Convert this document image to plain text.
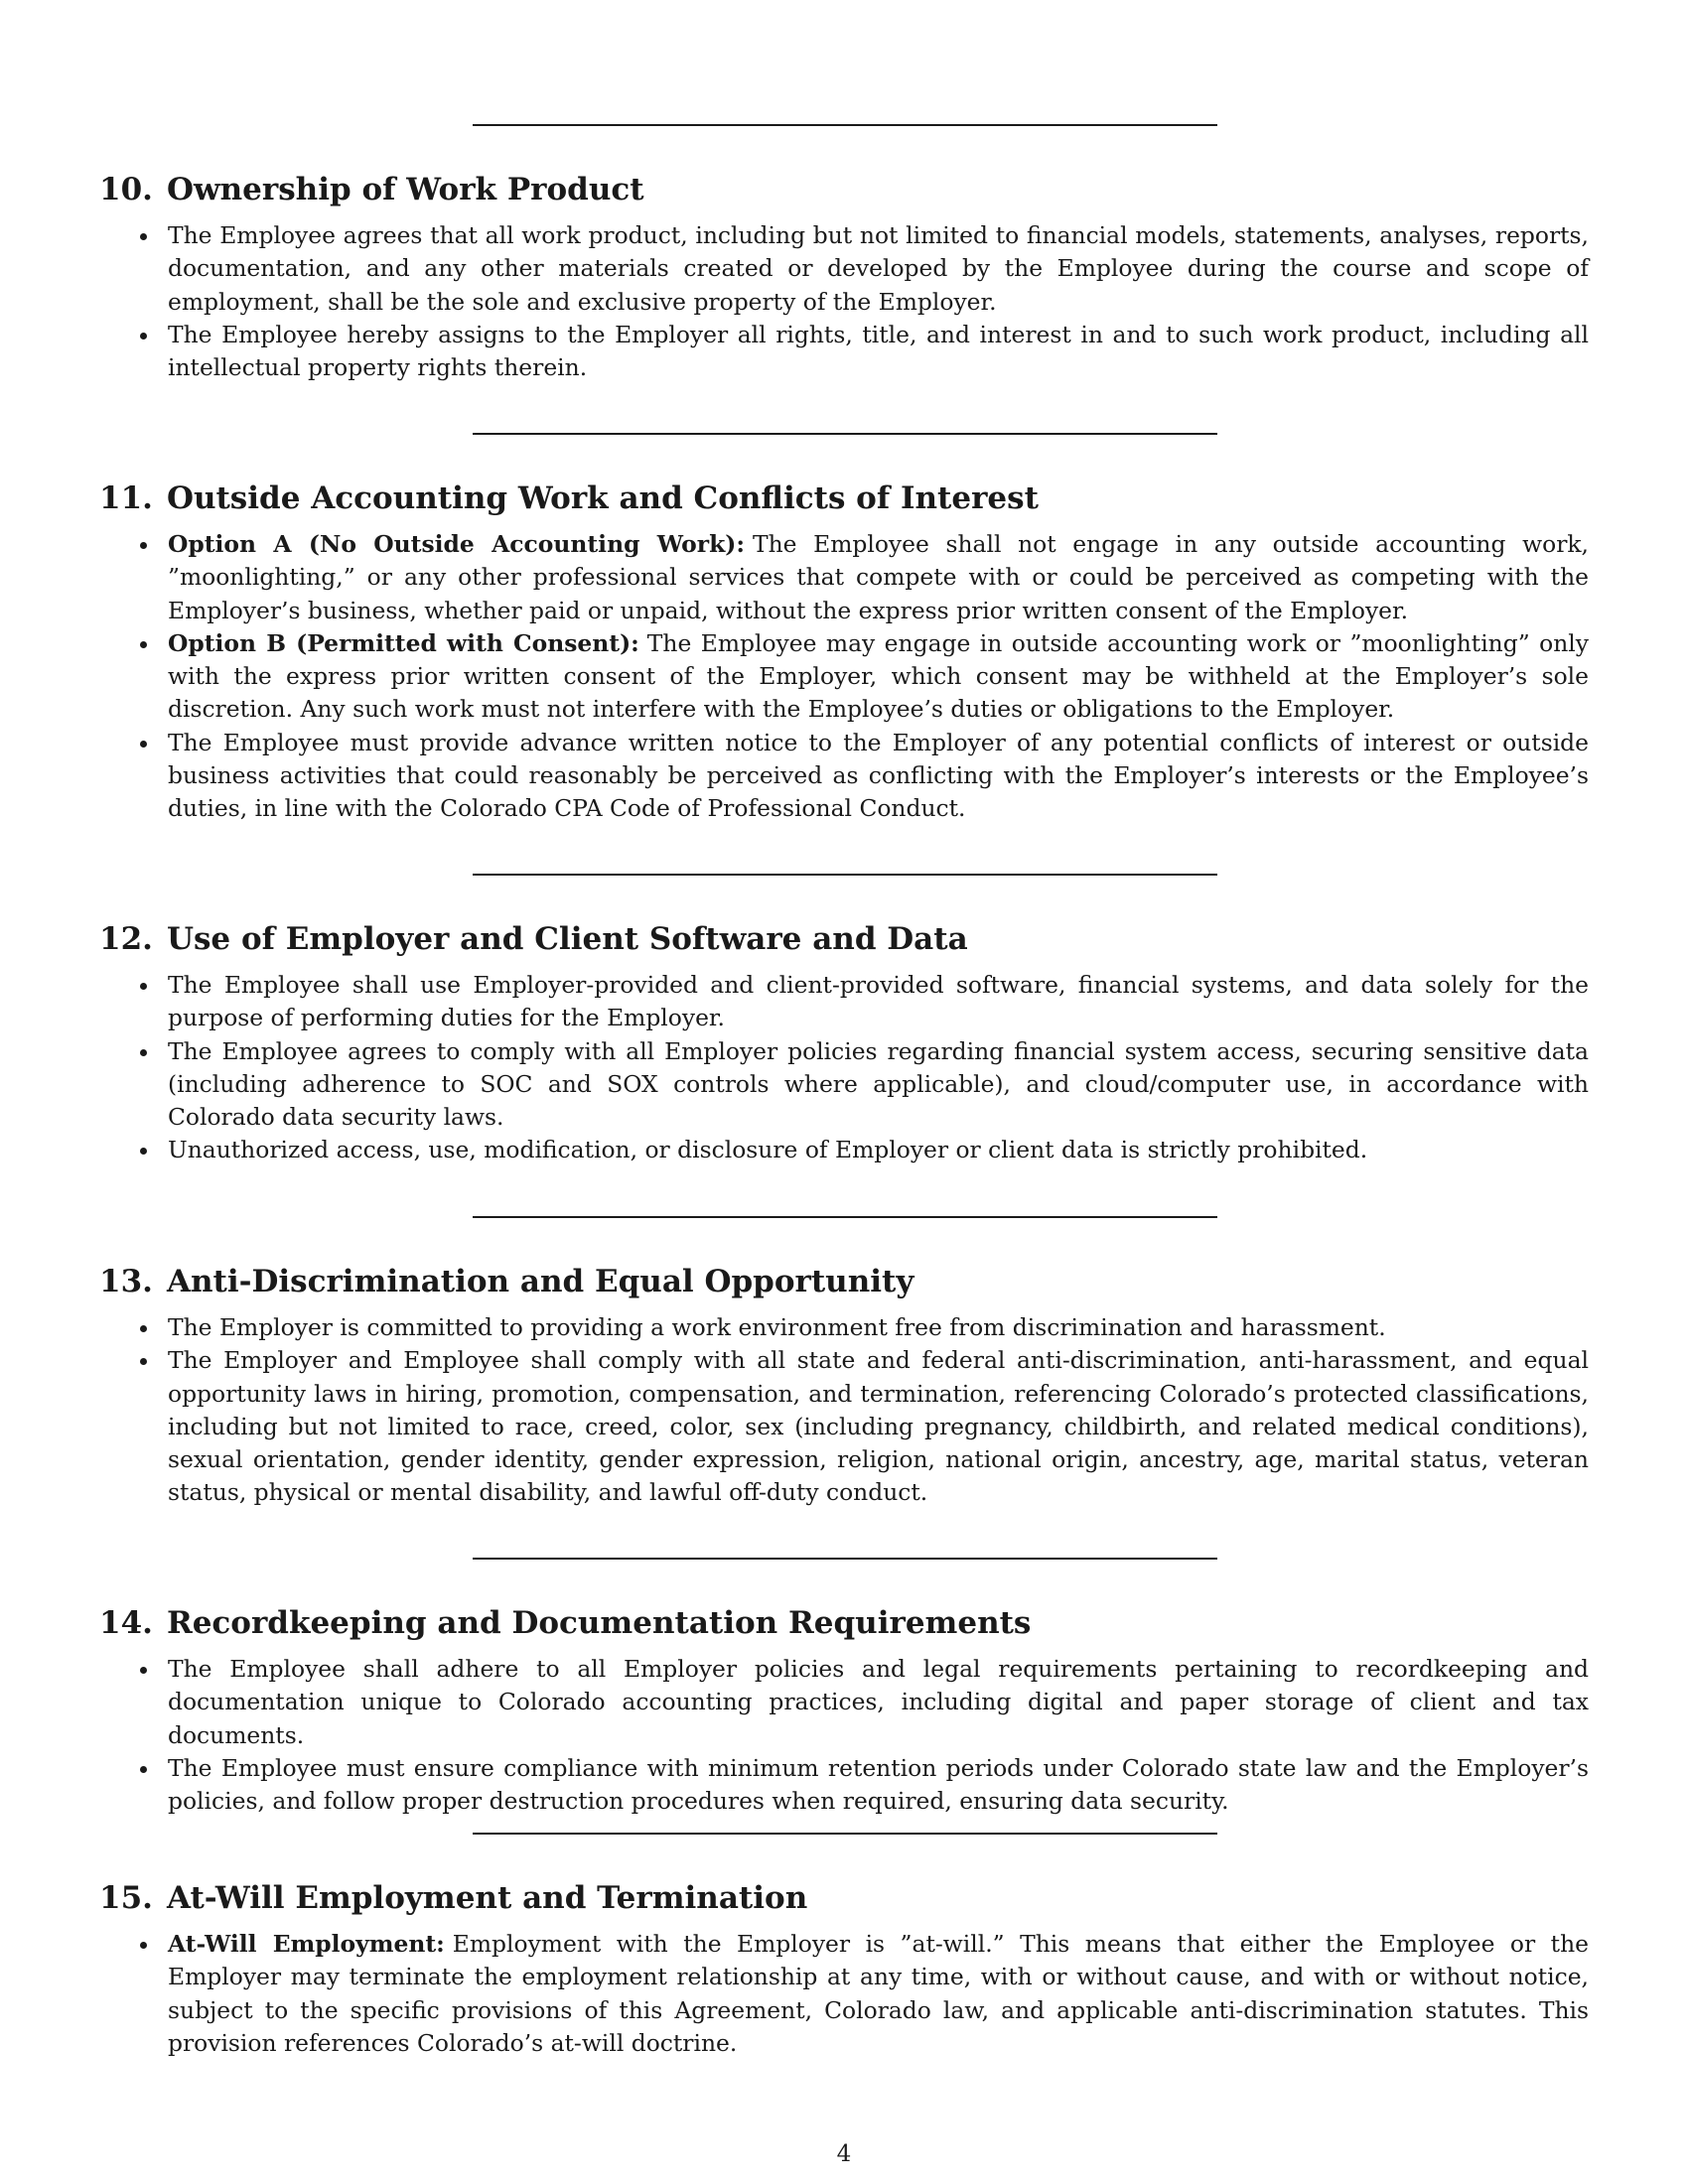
10. Ownership of Work Product
The Employee agrees that all work product, including but not limited to financial models, statements, analyses, reports, documentation, and any other materials created or developed by the Employee during the course and scope of employment, shall be the sole and exclusive property of the Employer.
The Employee hereby assigns to the Employer all rights, title, and interest in and to such work product, including all intellectual property rights therein.
11. Outside Accounting Work and Conflicts of Interest
Option A (No Outside Accounting Work): The Employee shall not engage in any outside accounting work, ”moonlighting,” or any other professional services that compete with or could be perceived as competing with the Employer’s business, whether paid or unpaid, without the express prior written consent of the Employer.
Option B (Permitted with Consent): The Employee may engage in outside accounting work or ”moonlighting” only with the express prior written consent of the Employer, which consent may be withheld at the Employer’s sole discretion. Any such work must not interfere with the Employee’s duties or obligations to the Employer.
The Employee must provide advance written notice to the Employer of any potential conflicts of interest or outside business activities that could reasonably be perceived as conflicting with the Employer’s interests or the Employee’s duties, in line with the Colorado CPA Code of Professional Conduct.
12. Use of Employer and Client Software and Data
The Employee shall use Employer-provided and client-provided software, financial systems, and data solely for the purpose of performing duties for the Employer.
The Employee agrees to comply with all Employer policies regarding financial system access, securing sensitive data (including adherence to SOC and SOX controls where applicable), and cloud/computer use, in accordance with Colorado data security laws.
Unauthorized access, use, modification, or disclosure of Employer or client data is strictly prohibited.
13. Anti-Discrimination and Equal Opportunity
The Employer is committed to providing a work environment free from discrimination and harassment.
The Employer and Employee shall comply with all state and federal anti-discrimination, anti-harassment, and equal opportunity laws in hiring, promotion, compensation, and termination, referencing Colorado’s protected classifications, including but not limited to race, creed, color, sex (including pregnancy, childbirth, and related medical conditions), sexual orientation, gender identity, gender expression, religion, national origin, ancestry, age, marital status, veteran status, physical or mental disability, and lawful off-duty conduct.
14. Recordkeeping and Documentation Requirements
The Employee shall adhere to all Employer policies and legal requirements pertaining to recordkeeping and documentation unique to Colorado accounting practices, including digital and paper storage of client and tax documents.
The Employee must ensure compliance with minimum retention periods under Colorado state law and the Employer’s policies, and follow proper destruction procedures when required, ensuring data security.
15. At-Will Employment and Termination
At-Will Employment: Employment with the Employer is ”at-will.” This means that either the Employee or the Employer may terminate the employment relationship at any time, with or without cause, and with or without notice, subject to the specific provisions of this Agreement, Colorado law, and applicable anti-discrimination statutes. This provision references Colorado’s at-will doctrine.
4
